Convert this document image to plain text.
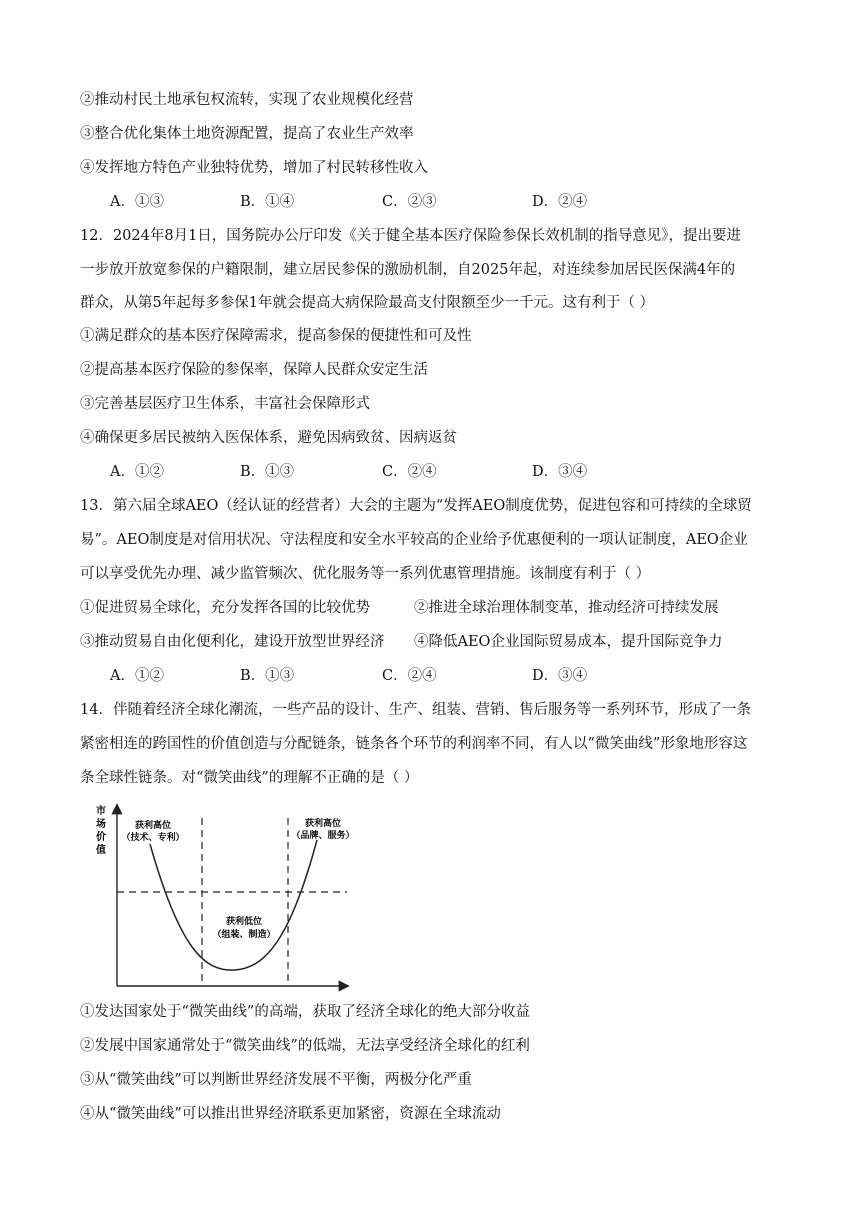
②推动村民土地承包权流转，实现了农业规模化经营
③整合优化集体土地资源配置，提高了农业生产效率
④发挥地方特色产业独特优势，增加了村民转移性收入
A．①③	B．①④	C．②③	D．②④
12．2024年8月1日，国务院办公厅印发《关于健全基本医疗保险参保长效机制的指导意见》，提出要进
一步放开放宽参保的户籍限制，建立居民参保的激励机制，自2025年起，对连续参加居民医保满4年的
群众，从第5年起每多参保1年就会提高大病保险最高支付限额至少一千元。这有利于（ ）
①满足群众的基本医疗保障需求，提高参保的便捷性和可及性
②提高基本医疗保险的参保率，保障人民群众安定生活
③完善基层医疗卫生体系，丰富社会保障形式
④确保更多居民被纳入医保体系，避免因病致贫、因病返贫
A．①②	B．①③	C．②④	D．③④
13．第六届全球AEO（经认证的经营者）大会的主题为“发挥AEO制度优势，促进包容和可持续的全球贸
易”。AEO制度是对信用状况、守法程度和安全水平较高的企业给予优惠便利的一项认证制度，AEO企业
可以享受优先办理、减少监管频次、优化服务等一系列优惠管理措施。该制度有利于（ ）
①促进贸易全球化，充分发挥各国的比较优势	②推进全球治理体制变革，推动经济可持续发展
③推动贸易自由化便利化，建设开放型世界经济 ④降低AEO企业国际贸易成本，提升国际竞争力
A．①②	B．①③	C．②④	D．③④
14．伴随着经济全球化潮流，一些产品的设计、生产、组装、营销、售后服务等一系列环节，形成了一条
紧密相连的跨国性的价值创造与分配链条，链条各个环节的利润率不同，有人以“微笑曲线”形象地形容这
条全球性链条。对“微笑曲线”的理解不正确的是（ ）
市
场
价
值
获利高位
（技术、专利）
获利高位
（品牌、服务）
获利低位
（组装、制造）
①发达国家处于“微笑曲线”的高端，获取了经济全球化的绝大部分收益
②发展中国家通常处于“微笑曲线”的低端，无法享受经济全球化的红利
③从“微笑曲线”可以判断世界经济发展不平衡，两极分化严重
④从“微笑曲线”可以推出世界经济联系更加紧密，资源在全球流动
